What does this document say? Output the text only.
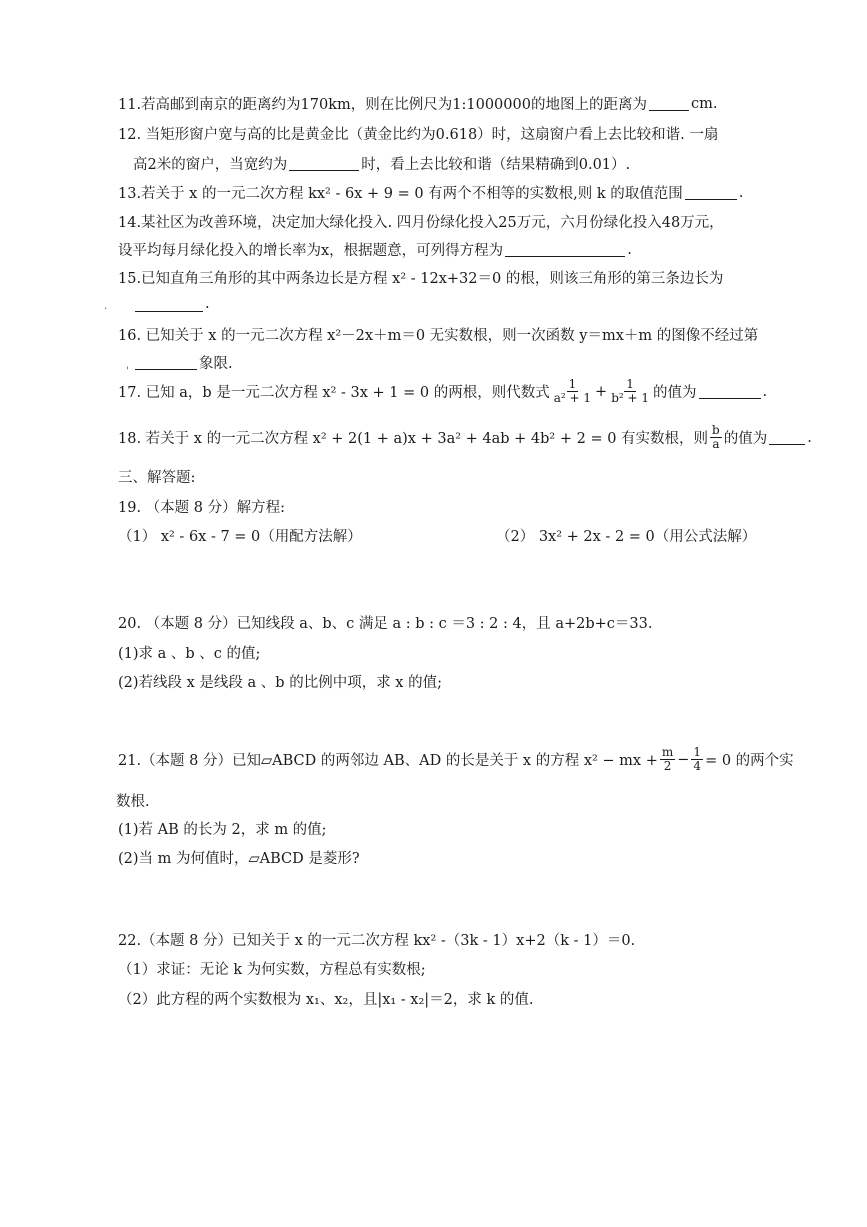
11.若高邮到南京的距离约为170km，则在比例尺为1:1000000的地图上的距离为	cm.
12. 当矩形窗户宽与高的比是黄金比（黄金比约为0.618）时，这扇窗户看上去比较和谐. 一扇
高2米的窗户，当宽约为	时，看上去比较和谐（结果精确到0.01）.
13.若关于 x 的一元二次方程 kx² - 6x + 9 = 0 有两个不相等的实数根,则 k 的取值范围	.
14.某社区为改善环境，决定加大绿化投入. 四月份绿化投入25万元，六月份绿化投入48万元，
设平均每月绿化投入的增长率为x，根据题意，可列得方程为	.
15.已知直角三角形的其中两条边长是方程 x² - 12x+32＝0 的根，则该三角形的第三条边长为
.
16. 已知关于 x 的一元二次方程 x²－2x＋m＝0 无实数根，则一次函数 y＝mx＋m 的图像不经过第
象限.
17. 已知 a，b 是一元二次方程 x² - 3x + 1 = 0 的两根，则代数式 $\frac{1}{\text{a² + 1}} + \frac{1}{\text{b² + 1}}$ 的值为	.
18. 若关于 x 的一元二次方程 x² + 2(1 + a)x + 3a² + 4ab + 4b² + 2 = 0 有实数根，则 $\frac{b}{a}$ 的值为	.
三、解答题:
19. （本题 8 分）解方程:
（1） x² - 6x - 7 = 0（用配方法解）	（2） 3x² + 2x - 2 = 0（用公式法解）
20. （本题 8 分）已知线段 a、b、c 满足 a : b : c ＝3 : 2 : 4，且 a+2b+c＝33.
(1)求 a 、b 、c 的值;
(2)若线段 x 是线段 a 、b 的比例中项，求 x 的值;
21.（本题 8 分）已知▱ABCD 的两邻边 AB、AD 的长是关于 x 的方程 x² − mx + $\frac{m}{2} - \frac{1}{4} = 0$ 的两个实
数根.
(1)若 AB 的长为 2，求 m 的值;
(2)当 m 为何值时，▱ABCD 是菱形?
22.（本题 8 分）已知关于 x 的一元二次方程 kx² -（3k - 1）x+2（k - 1）＝0.
（1）求证：无论 k 为何实数，方程总有实数根;
（2）此方程的两个实数根为 x₁、x₂，且|x₁ - x₂|＝2，求 k 的值.
·
'
